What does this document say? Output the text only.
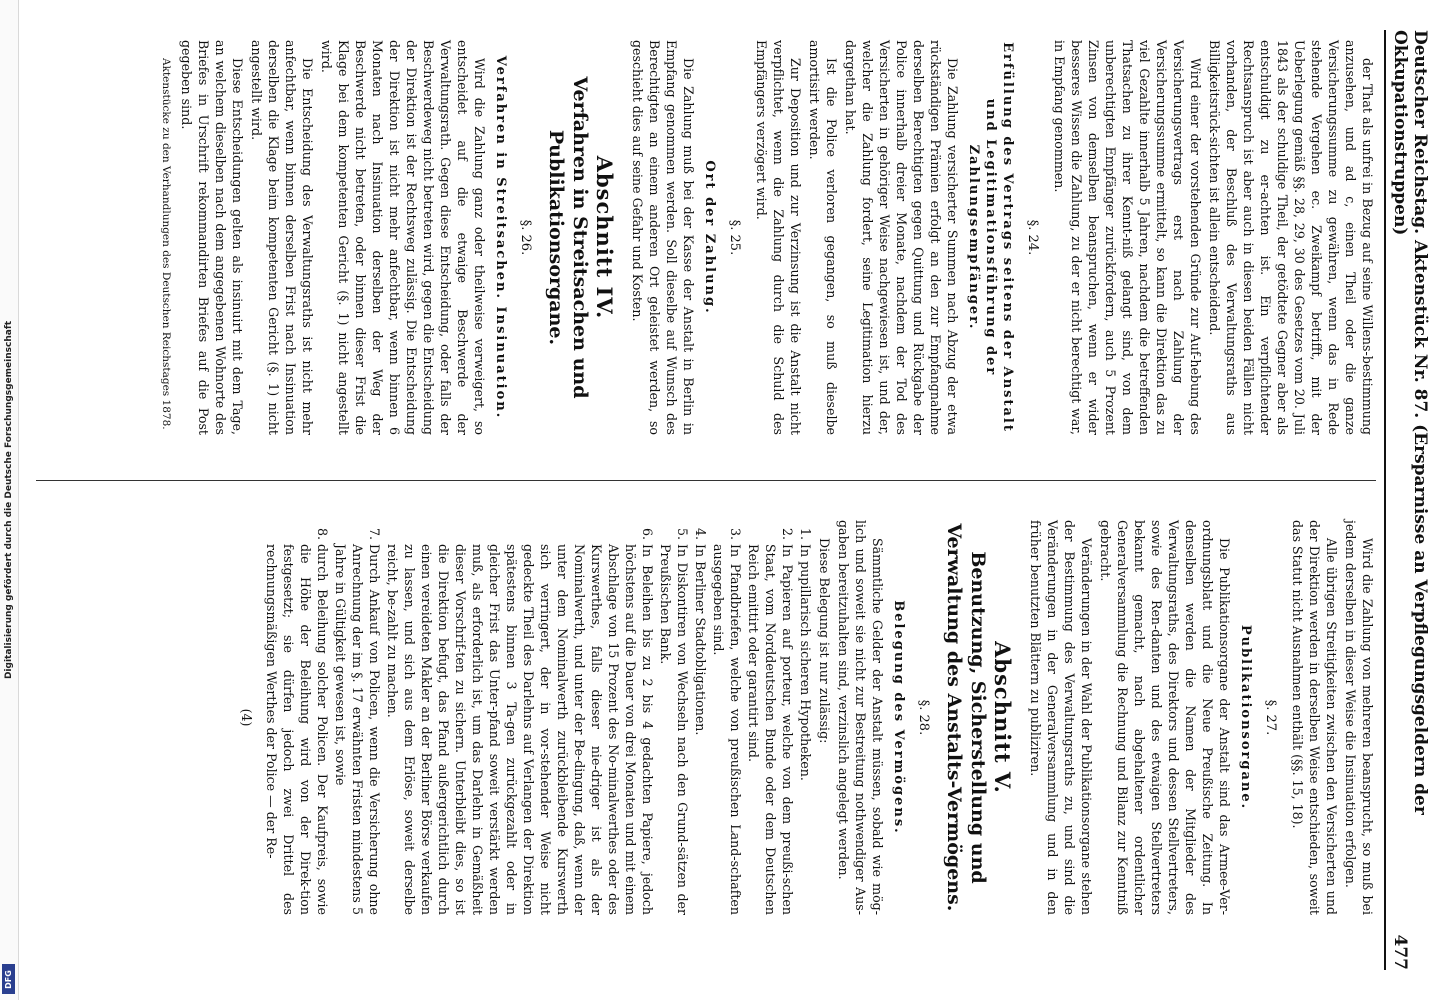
Digitalisierung gefördert durch die Deutsche Forschungsgemeinschaft
DFG
Deutscher Reichstag. Aktenstück Nr. 87. (Ersparnisse an Verpflegungsgeldern der Okkupationstruppen)
477

der That als unfrei in Bezug auf seine Willens-bestimmung anzusehen, und ad c, einen Theil oder die ganze Versicherungssumme zu gewähren, wenn das in Rede stehende Vergehen ec. Zweikampf betrifft, mit der Ueberlegung gemäß §§. 28, 29, 30 des Gesetzes vom 20. Juli 1843 als der schuldige Theil, der getödtete Gegner aber als entschuldigt zu er-achten ist. Ein verpflichtender Rechtsanspruch ist aber auch in diesen beiden Fällen nicht vorhanden, der Beschluß des Verwaltungsraths aus Billigkeitsrück-sichten ist allein entscheidend.

Wird einer der vorstehenden Gründe zur Auf-hebung des Versicherungsvertrags erst nach Zahlung der Versicherungssumme ermittelt, so kann die Direktion das zu viel Gezahlte innerhalb 5 Jahren, nachdem die betreffenden Thatsachen zu ihrer Kennt-niß gelangt sind, von dem unberechtigten Empfänger zurückfordern, auch 5 Prozent Zinsen von demselben beanspruchen, wenn er wider besseres Wissen die Zahlung, zu der er nicht berechtigt war, in Empfang genommen.

§. 24.
Erfüllung des Vertrags seitens der Anstalt und Legitimationsführung der Zahlungsempfänger.

Die Zahlung versicherter Summen nach Abzug der etwa rückständigen Prämien erfolgt an den zur Empfangnahme derselben Berechtigten gegen Quittung und Rückgabe der Police innerhalb dreier Monate, nachdem der Tod des Versicherten in gehöriger Weise nachgewiesen ist, und der, welcher die Zahlung fordert, seine Legitimation hierzu dargethan hat.

Ist die Police verloren gegangen, so muß dieselbe amortisirt werden.

Zur Deposition und zur Verzinsung ist die Anstalt nicht verpflichtet, wenn die Zahlung durch die Schuld des Empfängers verzögert wird.

§. 25.
Ort der Zahlung.

Die Zahlung muß bei der Kasse der Anstalt in Berlin in Empfang genommen werden. Soll dieselbe auf Wunsch des Berechtigten an einem anderen Ort geleistet werden, so geschieht dies auf seine Gefahr und Kosten.

Abschnitt IV.
Verfahren in Streitsachen und Publikationsorgane.
§. 26.
Verfahren in Streitsachen. Insinuation.

Wird die Zahlung ganz oder theilweise verweigert, so entscheidet auf die etwaige Beschwerde der Verwaltungsrath. Gegen diese Entscheidung, oder falls der Beschwerdeweg nicht betreten wird, gegen die Entscheidung der Direktion ist der Rechtsweg zulässig. Die Entscheidung der Direktion ist nicht mehr anfechtbar, wenn binnen 6 Monaten nach Insinuation derselben der Weg der Beschwerde nicht betreten, oder binnen dieser Frist die Klage bei dem kompetenten Gericht (§. 1) nicht angestellt wird.

Die Entscheidung des Verwaltungsraths ist nicht mehr anfechtbar, wenn binnen derselben Frist nach Insinuation derselben die Klage beim kompetenten Gericht (§. 1) nicht angestellt wird.

Diese Entscheidungen gelten als insinuirt mit dem Tage, an welchem dieselben nach dem angegebenen Wohnorte des Briefes in Urschrift rekommandirten Briefes auf die Post gegeben sind.

Aktenstücke zu den Verhandlungen des Deutschen Reichstages 1878.

Wird die Zahlung von mehreren beansprucht, so muß bei jedem derselben in dieser Weise die Insinuation erfolgen.

Alle übrigen Streitigkeiten zwischen den Versicherten und der Direktion werden in derselben Weise entschieden, soweit das Statut nicht Ausnahmen enthält (§§. 15, 18).

§. 27.
Publikationsorgane.

Die Publikationsorgane der Anstalt sind das Armee-Ver-ordnungsblatt und die Neue Preußische Zeitung. In denselben werden die Namen der Mitglieder des Verwaltungsraths, des Direktors und dessen Stellvertreters, sowie des Ren-danten und des etwaigen Stellvertreters bekannt gemacht, nach abgehaltener ordentlicher Generalversammlung die Rechnung und Bilanz zur Kenntniß gebracht.

Veränderungen in der Wahl der Publikationsorgane stehen der Bestimmung des Verwaltungsraths zu, und sind die Veränderungen in der Generalversammlung und in den früher benutzten Blättern zu publiziren.

Abschnitt V.
Benutzung, Sicherstellung und Verwaltung des Anstalts-Vermögens.
§. 28.
Belegung des Vermögens.

Sämmtliche Gelder der Anstalt müssen, sobald wie mög-lich und soweit sie nicht zur Bestreitung nothwendiger Aus-gaben bereitzuhalten sind, verzinslich angelegt werden.

Diese Belegung ist nur zulässig:

1. In pupillarisch sicheren Hypotheken.
2. In Papieren auf porteur, welche von dem preußi-schen Staat, vom Norddeutschen Bunde oder dem Deutschen Reich emittirt oder garantirt sind.
3. In Pfandbriefen, welche von preußischen Land-schaften ausgegeben sind.
4. In Berliner Stadtobligationen.
5. In Diskontiren von Wechseln nach den Grund-sätzen der Preußischen Bank.
6. In Beleihen bis zu 2 bis 4 gedachten Papiere, jedoch höchstens auf die Dauer von drei Monaten und mit einem Abschlage von 15 Prozent des No-minalwerthes oder des Kurswerthes, falls dieser nie-driger ist als der Nominalwerth, und unter der Be-dingung, daß, wenn der unter dem Nominalwerth zurückbleibende Kurswerth sich verringert, der in vor-stehender Weise nicht gedeckte Theil des Darlehns auf Verlangen der Direktion spätestens binnen 3 Ta-gen zurückgezahlt oder in gleicher Frist das Unter-pfand soweit verstärkt werden muß, als erforderlich ist, um das Darlehn in Gemäßheit dieser Vorschrif-ten zu sichern. Unterbleibt dies, so ist die Direktion befugt, das Pfand außergerichtlich durch einen vereideten Makler an der Berliner Börse verkaufen zu lassen, und sich aus dem Erlöse, soweit derselbe reicht, be-zahlt zu machen.
7. Durch Ankauf von Policen, wenn die Versicherung ohne Anrechnung der im §. 17 erwähnten Fristen mindestens 5 Jahre in Gültigkeit gewesen ist, sowie
8. durch Beleihung solcher Policen. Der Kaufpreis, sowie die Höhe der Beleihung wird von der Direk-tion festgesetzt; sie dürfen jedoch zwei Drittel des rechnungsmäßigen Werthes der Police — der Re-
(4)
